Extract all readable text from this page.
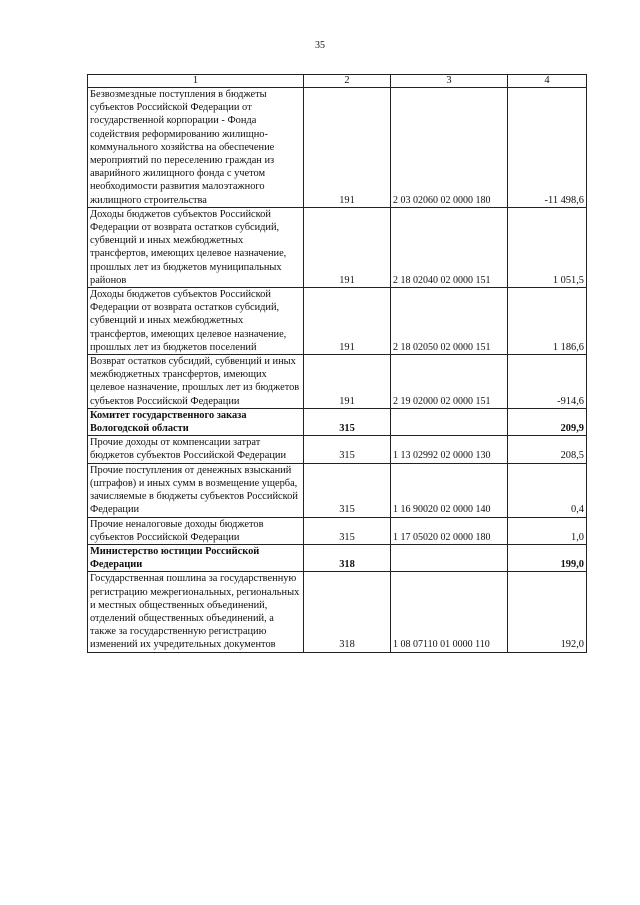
35
1	2	3	4
Безвозмездные поступления в бюджеты субъектов Российской Федерации от государственной корпорации - Фонда содействия реформированию жилищно-коммунального хозяйства на обеспечение мероприятий по переселению граждан из аварийного жилищного фонда с учетом необходимости развития малоэтажного жилищного строительства	191	2 03 02060 02 0000 180	-11 498,6
Доходы бюджетов субъектов Российской Федерации от возврата остатков субсидий, субвенций и иных межбюджетных трансфертов, имеющих целевое назначение, прошлых лет из бюджетов муниципальных районов	191	2 18 02040 02 0000 151	1 051,5
Доходы бюджетов субъектов Российской Федерации от возврата остатков субсидий, субвенций и иных межбюджетных трансфертов, имеющих целевое назначение, прошлых лет из бюджетов поселений	191	2 18 02050 02 0000 151	1 186,6
Возврат остатков субсидий, субвенций и иных межбюджетных трансфертов, имеющих целевое назначение, прошлых лет из бюджетов субъектов Российской Федерации	191	2 19 02000 02 0000 151	-914,6
Комитет государственного заказа Вологодской области	315		209,9
Прочие доходы от компенсации затрат бюджетов субъектов Российской Федерации	315	1 13 02992 02 0000 130	208,5
Прочие поступления от денежных взысканий (штрафов) и иных сумм в возмещение ущерба, зачисляемые в бюджеты субъектов Российской Федерации	315	1 16 90020 02 0000 140	0,4
Прочие неналоговые доходы бюджетов субъектов Российской Федерации	315	1 17 05020 02 0000 180	1,0
Министерство юстиции Российской Федерации	318		199,0
Государственная пошлина за государственную регистрацию межрегиональных, региональных и местных общественных объединений, отделений общественных объединений, а также за государственную регистрацию изменений их учредительных документов	318	1 08 07110 01 0000 110	192,0
